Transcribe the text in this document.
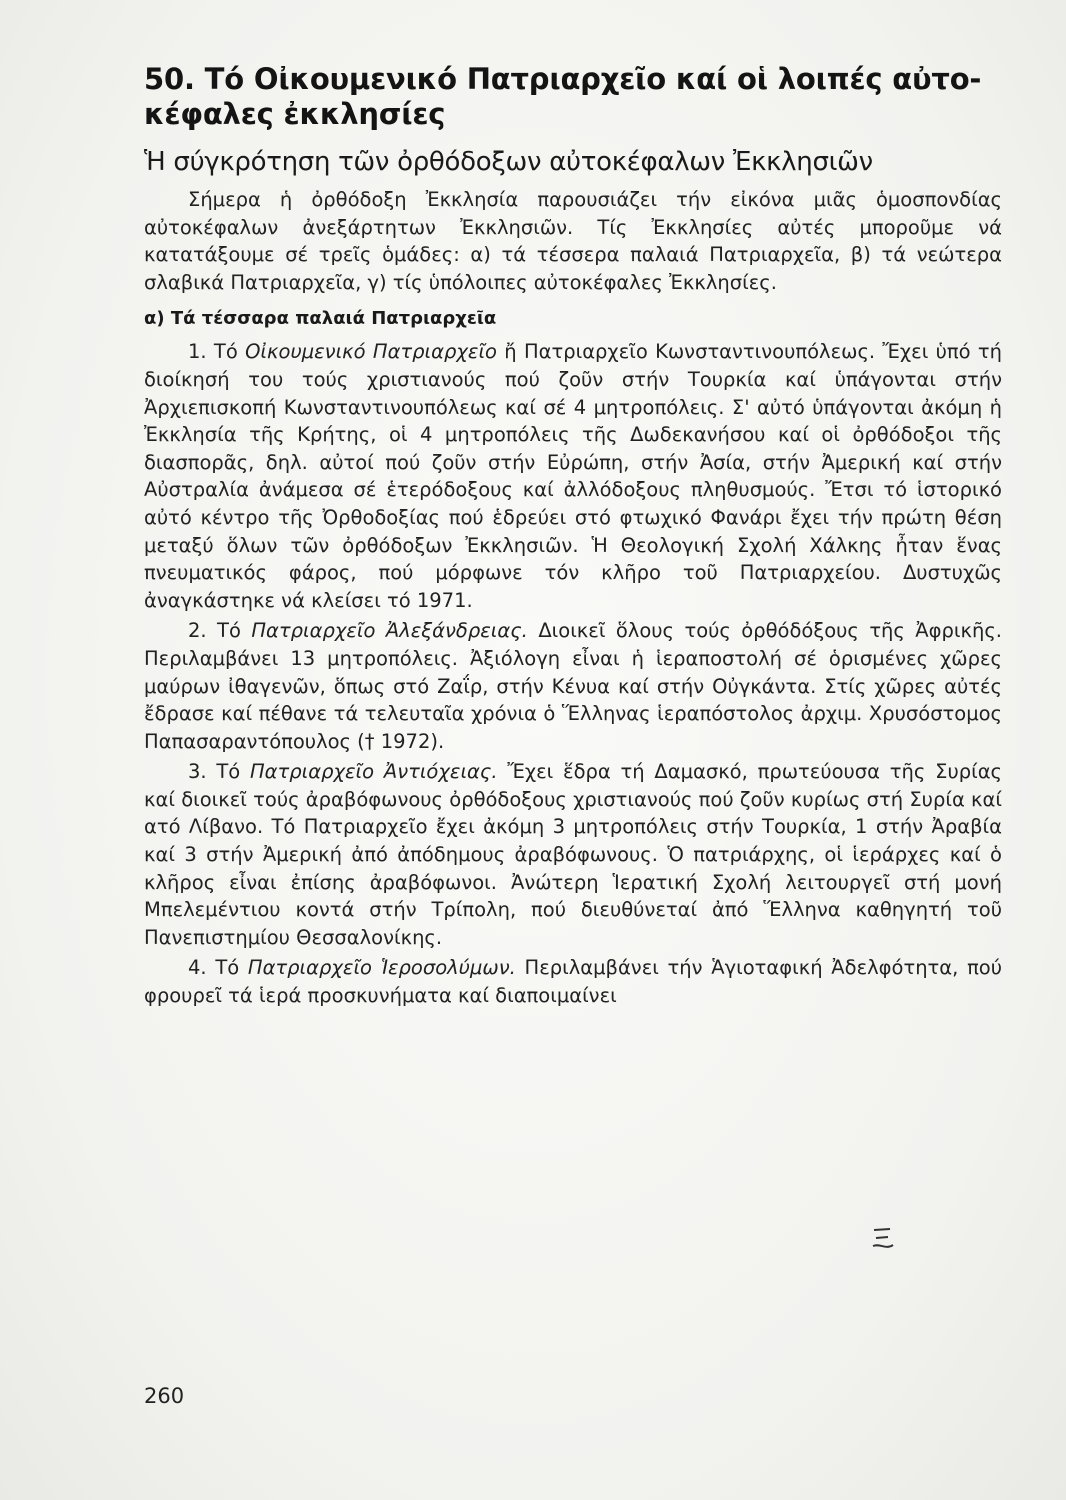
50. Τό Οἰκουμενικό Πατριαρχεῖο καί οἱ λοιπές αὐτο-κέφαλες ἐκκλησίες
Ἡ σύγκρότηση τῶν ὀρθόδοξων αὐτοκέφαλων Ἐκκλησιῶν

Σήμερα ἡ ὀρθόδοξη Ἐκκλησία παρουσιάζει τήν εἰκόνα μιᾶς ὁμοσπονδίας αὐτοκέφαλων ἀνεξάρτητων Ἐκκλησιῶν. Τίς Ἐκκλησίες αὐτές μποροῦμε νά κατατάξουμε σέ τρεῖς ὁμάδες: α) τά τέσσερα παλαιά Πατριαρχεῖα, β) τά νεώτερα σλαβικά Πατριαρχεῖα, γ) τίς ὑπόλοιπες αὐτοκέφαλες Ἐκκλησίες.

α) Τά τέσσαρα παλαιά Πατριαρχεῖα

1. Τό Οἰκουμενικό Πατριαρχεῖο ἤ Πατριαρχεῖο Κωνσταντινουπόλεως. Ἔχει ὑπό τή διοίκησή του τούς χριστιανούς πού ζοῦν στήν Τουρκία καί ὑπάγονται στήν Ἀρχιεπισκοπή Κωνσταντινουπόλεως καί σέ 4 μητροπόλεις. Σ' αὐτό ὑπάγονται ἀκόμη ἡ Ἐκκλησία τῆς Κρήτης, οἱ 4 μητροπόλεις τῆς Δωδεκανήσου καί οἱ ὀρθόδοξοι τῆς διασπορᾶς, δηλ. αὐτοί πού ζοῦν στήν Εὐρώπη, στήν Ἀσία, στήν Ἀμερική καί στήν Αὐστραλία ἀνάμεσα σέ ἑτερόδοξους καί ἀλλόδοξους πληθυσμούς. Ἔτσι τό ἱστορικό αὐτό κέντρο τῆς Ὀρθοδοξίας πού ἑδρεύει στό φτωχικό Φανάρι ἔχει τήν πρώτη θέση μεταξύ ὅλων τῶν ὀρθόδοξων Ἐκκλησιῶν. Ἡ Θεολογική Σχολή Χάλκης ἦταν ἕνας πνευματικός φάρος, πού μόρφωνε τόν κλῆρο τοῦ Πατριαρχείου. Δυστυχῶς ἀναγκάστηκε νά κλείσει τό 1971.

2. Τό Πατριαρχεῖο Ἀλεξάνδρειας. Διοικεῖ ὅλους τούς ὀρθόδόξους τῆς Ἀφρικῆς. Περιλαμβάνει 13 μητροπόλεις. Ἀξιόλογη εἶναι ἡ ἱεραποστολή σέ ὁρισμένες χῶρες μαύρων ἰθαγενῶν, ὅπως στό Ζαΐρ, στήν Κένυα καί στήν Οὐγκάντα. Στίς χῶρες αὐτές ἔδρασε καί πέθανε τά τελευταῖα χρόνια ὁ Ἕλληνας ἱεραπόστολος ἀρχιμ. Χρυσόστομος Παπασαραντόπουλος († 1972).

3. Τό Πατριαρχεῖο Ἀντιόχειας. Ἔχει ἕδρα τή Δαμασκό, πρωτεύουσα τῆς Συρίας καί διοικεῖ τούς ἀραβόφωνους ὀρθόδοξους χριστιανούς πού ζοῦν κυρίως στή Συρία καί ατό Λίβανο. Τό Πατριαρχεῖο ἔχει ἀκόμη 3 μητροπόλεις στήν Τουρκία, 1 στήν Ἀραβία καί 3 στήν Ἀμερική ἀπό ἀπόδημους ἀραβόφωνους. Ὁ πατριάρχης, οἱ ἱεράρχες καί ὁ κλῆρος εἶναι ἐπίσης ἀραβόφωνοι. Ἀνώτερη Ἱερατική Σχολή λειτουργεῖ στή μονή Μπελεμέντιου κοντά στήν Τρίπολη, πού διευθύνεταί ἀπό Ἕλληνα καθηγητή τοῦ Πανεπιστημίου Θεσσαλονίκης.

4. Τό Πατριαρχεῖο Ἱεροσολύμων. Περιλαμβάνει τήν Ἁγιοταφική Ἀδελφότητα, πού φρουρεῖ τά ἱερά προσκυνήματα καί διαποιμαίνει

260
